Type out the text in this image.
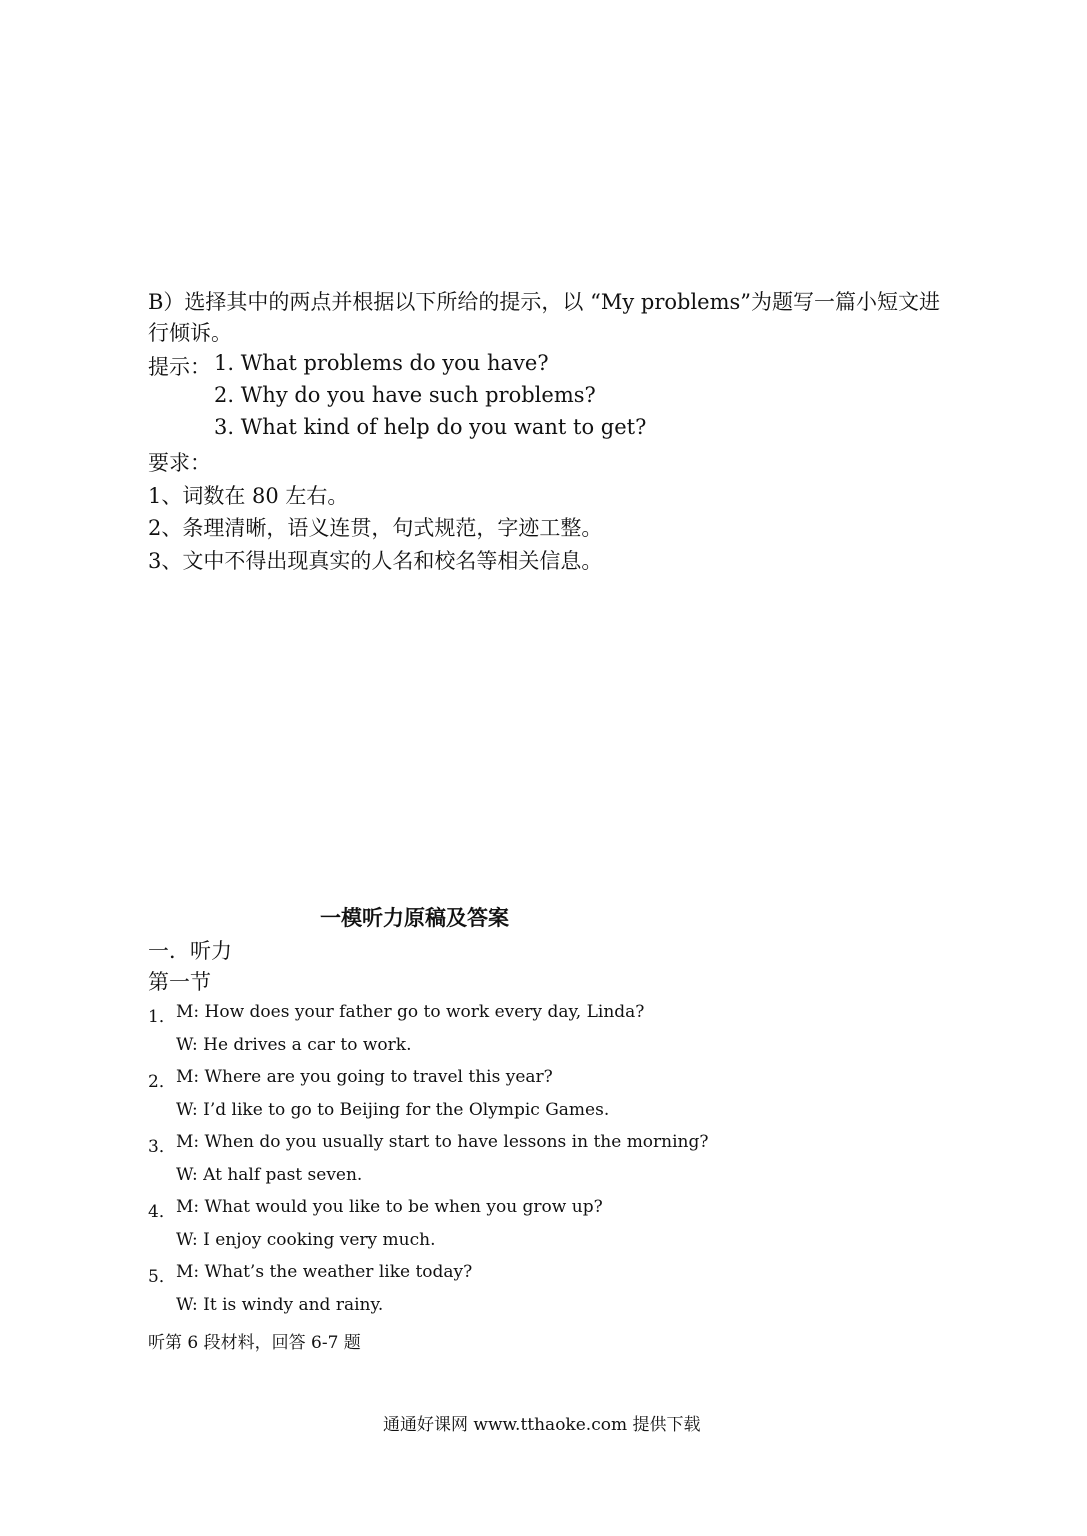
B）选择其中的两点并根据以下所给的提示，以 “My problems”为题写一篇小短文进
行倾诉。
提示： 1. What problems do you have?
2. Why do you have such problems?
3. What kind of help do you want to get?
要求：
1、词数在 80 左右。
2、条理清晰，语义连贯，句式规范，字迹工整。
3、文中不得出现真实的人名和校名等相关信息。
一模听力原稿及答案
一．听力
第一节
1． M: How does your father go to work every day, Linda?
W: He drives a car to work.
2． M: Where are you going to travel this year?
W: I’d like to go to Beijing for the Olympic Games.
3． M: When do you usually start to have lessons in the morning?
W: At half past seven.
4． M: What would you like to be when you grow up?
W: I enjoy cooking very much.
5． M: What’s the weather like today?
W: It is windy and rainy.
听第 6 段材料，回答 6-7 题
通通好课网 www.tthaoke.com 提供下载
